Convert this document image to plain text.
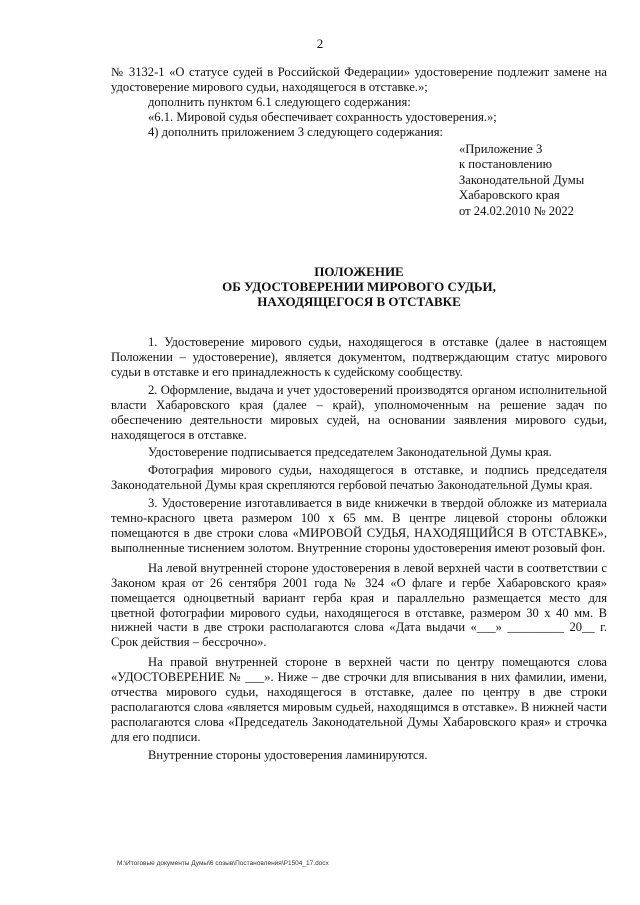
2

№ 3132-1 «О статусе судей в Российской Федерации» удостоверение подлежит замене на удостоверение мирового судьи, находящегося в отставке.»;

дополнить пунктом 6.1 следующего содержания:

«6.1. Мировой судья обеспечивает сохранность удостоверения.»;

4) дополнить приложением 3 следующего содержания:

«Приложение 3
к постановлению
Законодательной Думы
Хабаровского края
от 24.02.2010 № 2022
ПОЛОЖЕНИЕ
ОБ УДОСТОВЕРЕНИИ МИРОВОГО СУДЬИ,
НАХОДЯЩЕГОСЯ В ОТСТАВКЕ

1. Удостоверение мирового судьи, находящегося в отставке (далее в настоящем Положении – удостоверение), является документом, подтверждающим статус мирового судьи в отставке и его принадлежность к судейскому сообществу.

2. Оформление, выдача и учет удостоверений производятся органом исполнительной власти Хабаровского края (далее – край), уполномоченным на решение задач по обеспечению деятельности мировых судей, на основании заявления мирового судьи, находящегося в отставке.

Удостоверение подписывается председателем Законодательной Думы края.

Фотография мирового судьи, находящегося в отставке, и подпись председателя Законодательной Думы края скрепляются гербовой печатью Законодательной Думы края.

3. Удостоверение изготавливается в виде книжечки в твердой обложке из материала темно-красного цвета размером 100 x 65 мм. В центре лицевой стороны обложки помещаются в две строки слова «МИРОВОЙ СУДЬЯ, НАХОДЯЩИЙСЯ В ОТСТАВКЕ», выполненные тиснением золотом. Внутренние стороны удостоверения имеют розовый фон.

На левой внутренней стороне удостоверения в левой верхней части в соответствии с Законом края от 26 сентября 2001 года № 324 «О флаге и гербе Хабаровского края» помещается одноцветный вариант герба края и параллельно размещается место для цветной фотографии мирового судьи, находящегося в отставке, размером 30 x 40 мм. В нижней части в две строки располагаются слова «Дата выдачи «___» _________ 20__ г. Срок действия – бессрочно».

На правой внутренней стороне в верхней части по центру помещаются слова «УДОСТОВЕРЕНИЕ № ___». Ниже – две строчки для вписывания в них фамилии, имени, отчества мирового судьи, находящегося в отставке, далее по центру в две строки располагаются слова «является мировым судьей, находящимся в отставке». В нижней части располагаются слова «Председатель Законодательной Думы Хабаровского края» и строчка для его подписи.

Внутренние стороны удостоверения ламинируются.

M:\Итоговые документы Думы\6 созыв\Постановления\P1504_17.docx
